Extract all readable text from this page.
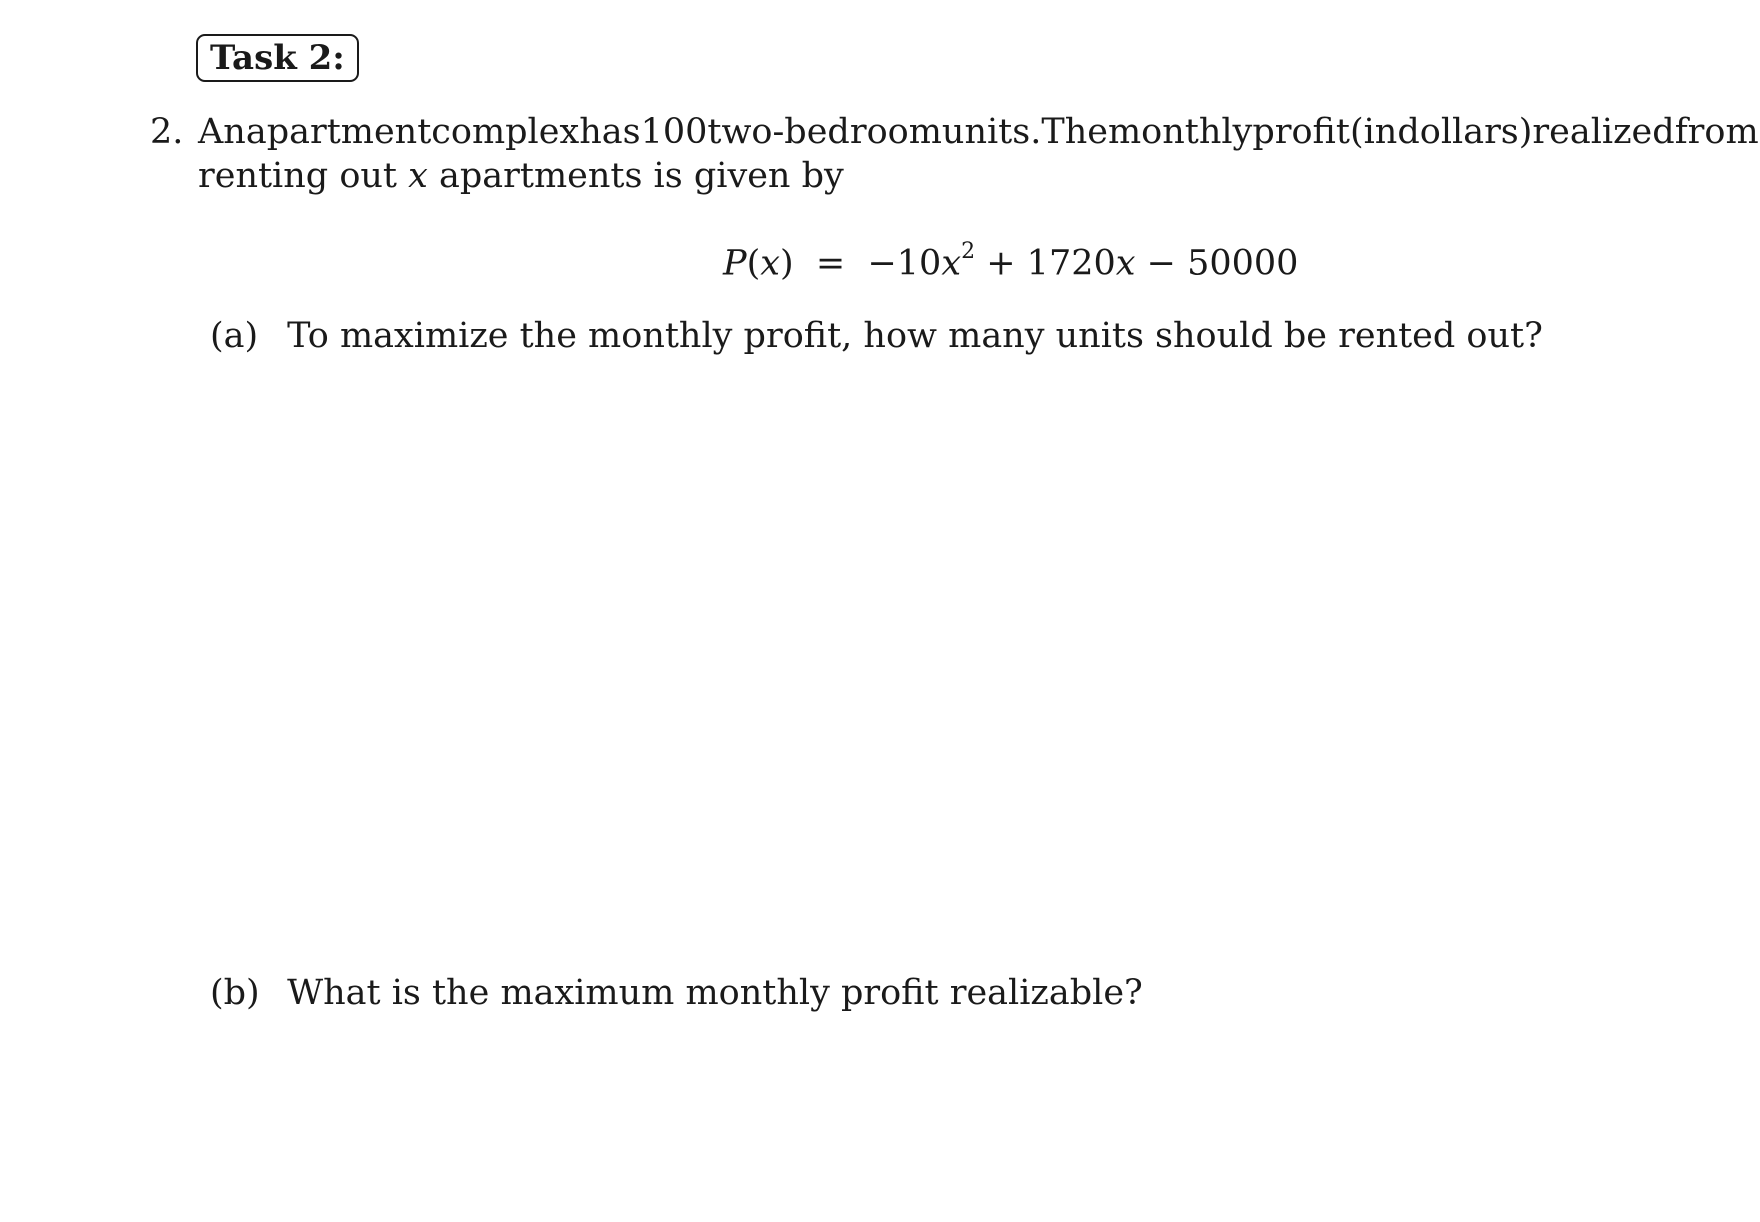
Task 2:
2. An apartment complex has 100 two-bedroom units. The monthly profit (in dollars) realized from
renting out x apartments is given by
$P(x) = -10x^2 + 1720x - 50000$
(a) To maximize the monthly profit, how many units should be rented out?
(b) What is the maximum monthly profit realizable?
